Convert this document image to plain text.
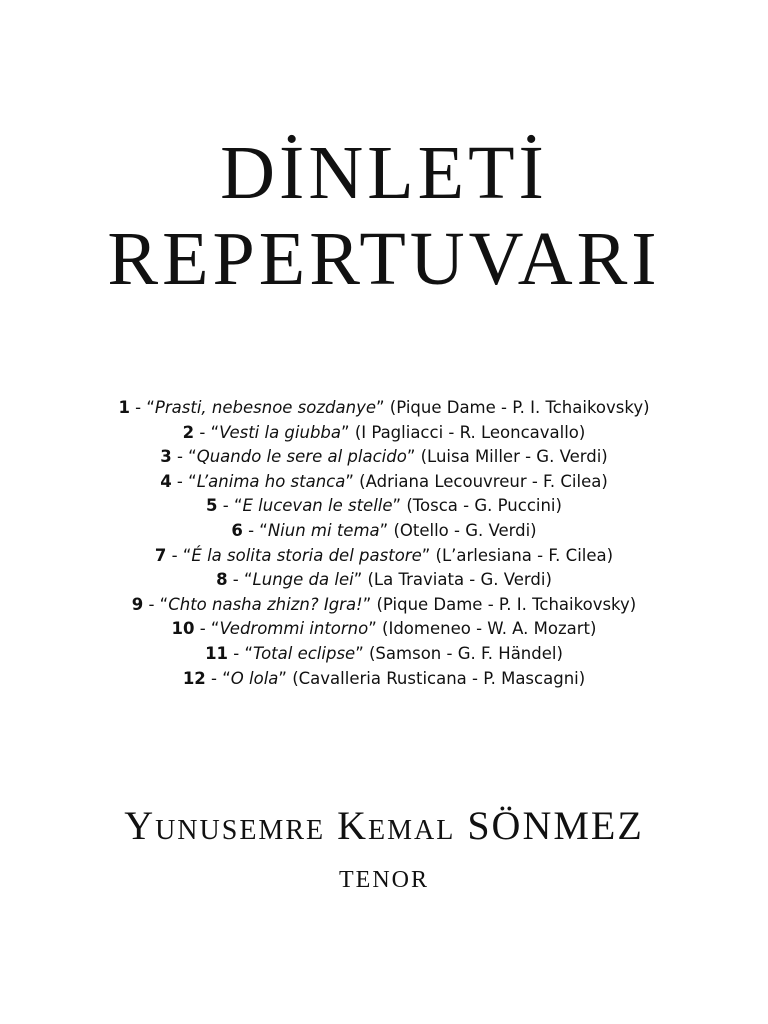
DİNLETİ
REPERTUVARI
1 - “Prasti, nebesnoe sozdanye” (Pique Dame - P. I. Tchaikovsky)
2 - “Vesti la giubba” (I Pagliacci - R. Leoncavallo)
3 - “Quando le sere al placido” (Luisa Miller - G. Verdi)
4 - “L’anima ho stanca” (Adriana Lecouvreur - F. Cilea)
5 - “E lucevan le stelle” (Tosca - G. Puccini)
6 - “Niun mi tema” (Otello - G. Verdi)
7 - “É la solita storia del pastore” (L’arlesiana - F. Cilea)
8 - “Lunge da lei” (La Traviata - G. Verdi)
9 - “Chto nasha zhizn? Igra!” (Pique Dame - P. I. Tchaikovsky)
10 - “Vedrommi intorno” (Idomeneo - W. A. Mozart)
11 - “Total eclipse” (Samson - G. F. Händel)
12 - “O lola” (Cavalleria Rusticana - P. Mascagni)
Yunusemre Kemal SÖNMEZ

TENOR
